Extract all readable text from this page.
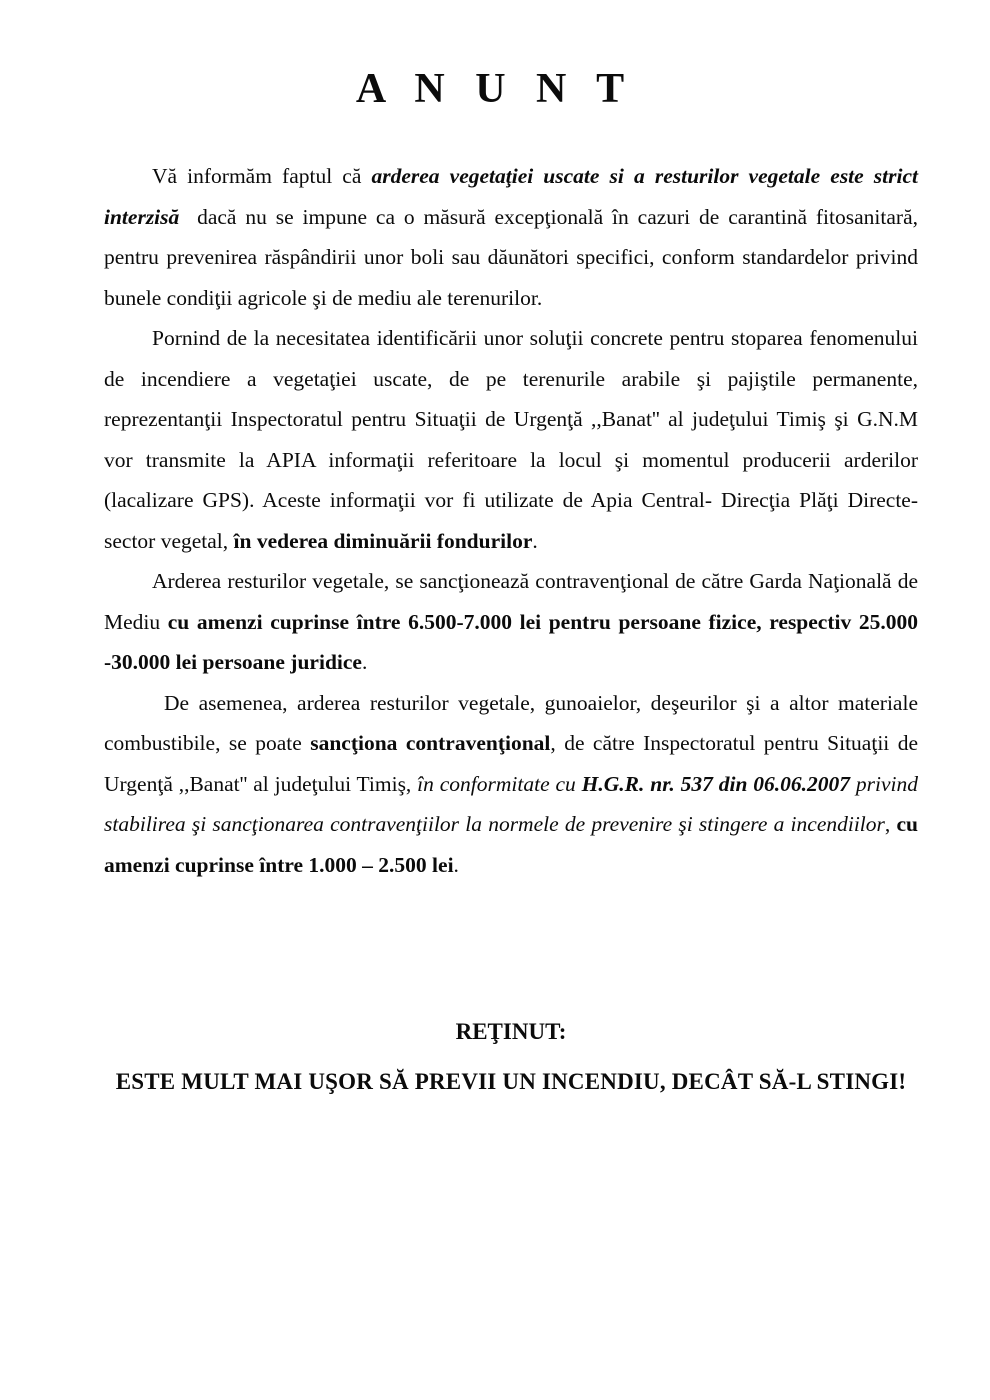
A N U N T

Vă informăm faptul că arderea vegetaţiei uscate si a resturilor vegetale este strict interzisă  dacă nu se impune ca o măsură excepţională în cazuri de carantină fitosanitară, pentru prevenirea răspândirii unor boli sau dăunători specifici, conform standardelor privind bunele condiţii agricole şi de mediu ale terenurilor.

Pornind de la necesitatea identificării unor soluţii concrete pentru stoparea fenomenului de incendiere a vegetaţiei uscate, de pe terenurile arabile şi pajiştile permanente, reprezentanţii Inspectoratul pentru Situaţii de Urgenţă ,,Banat'' al judeţului Timiş şi G.N.M vor transmite la APIA informaţii referitoare la locul şi momentul producerii arderilor (lacalizare GPS). Aceste informaţii vor fi utilizate de Apia Central- Direcţia Plăţi Directe-sector vegetal, în vederea diminuării fondurilor.

Arderea resturilor vegetale, se sancţionează contravenţional de către Garda Naţională de Mediu cu amenzi cuprinse între 6.500-7.000 lei pentru persoane fizice, respectiv 25.000 -30.000 lei persoane juridice.

De asemenea, arderea resturilor vegetale, gunoaielor, deşeurilor şi a altor materiale combustibile, se poate sancţiona contravenţional, de către Inspectoratul pentru Situaţii de Urgenţă ,,Banat'' al judeţului Timiş, în conformitate cu H.G.R. nr. 537 din 06.06.2007 privind stabilirea şi sancţionarea contravenţiilor la normele de prevenire şi stingere a incendiilor, cu amenzi cuprinse între 1.000 – 2.500 lei.

REŢINUT:

ESTE MULT MAI UŞOR SĂ PREVII UN INCENDIU, DECÂT SĂ-L STINGI!
